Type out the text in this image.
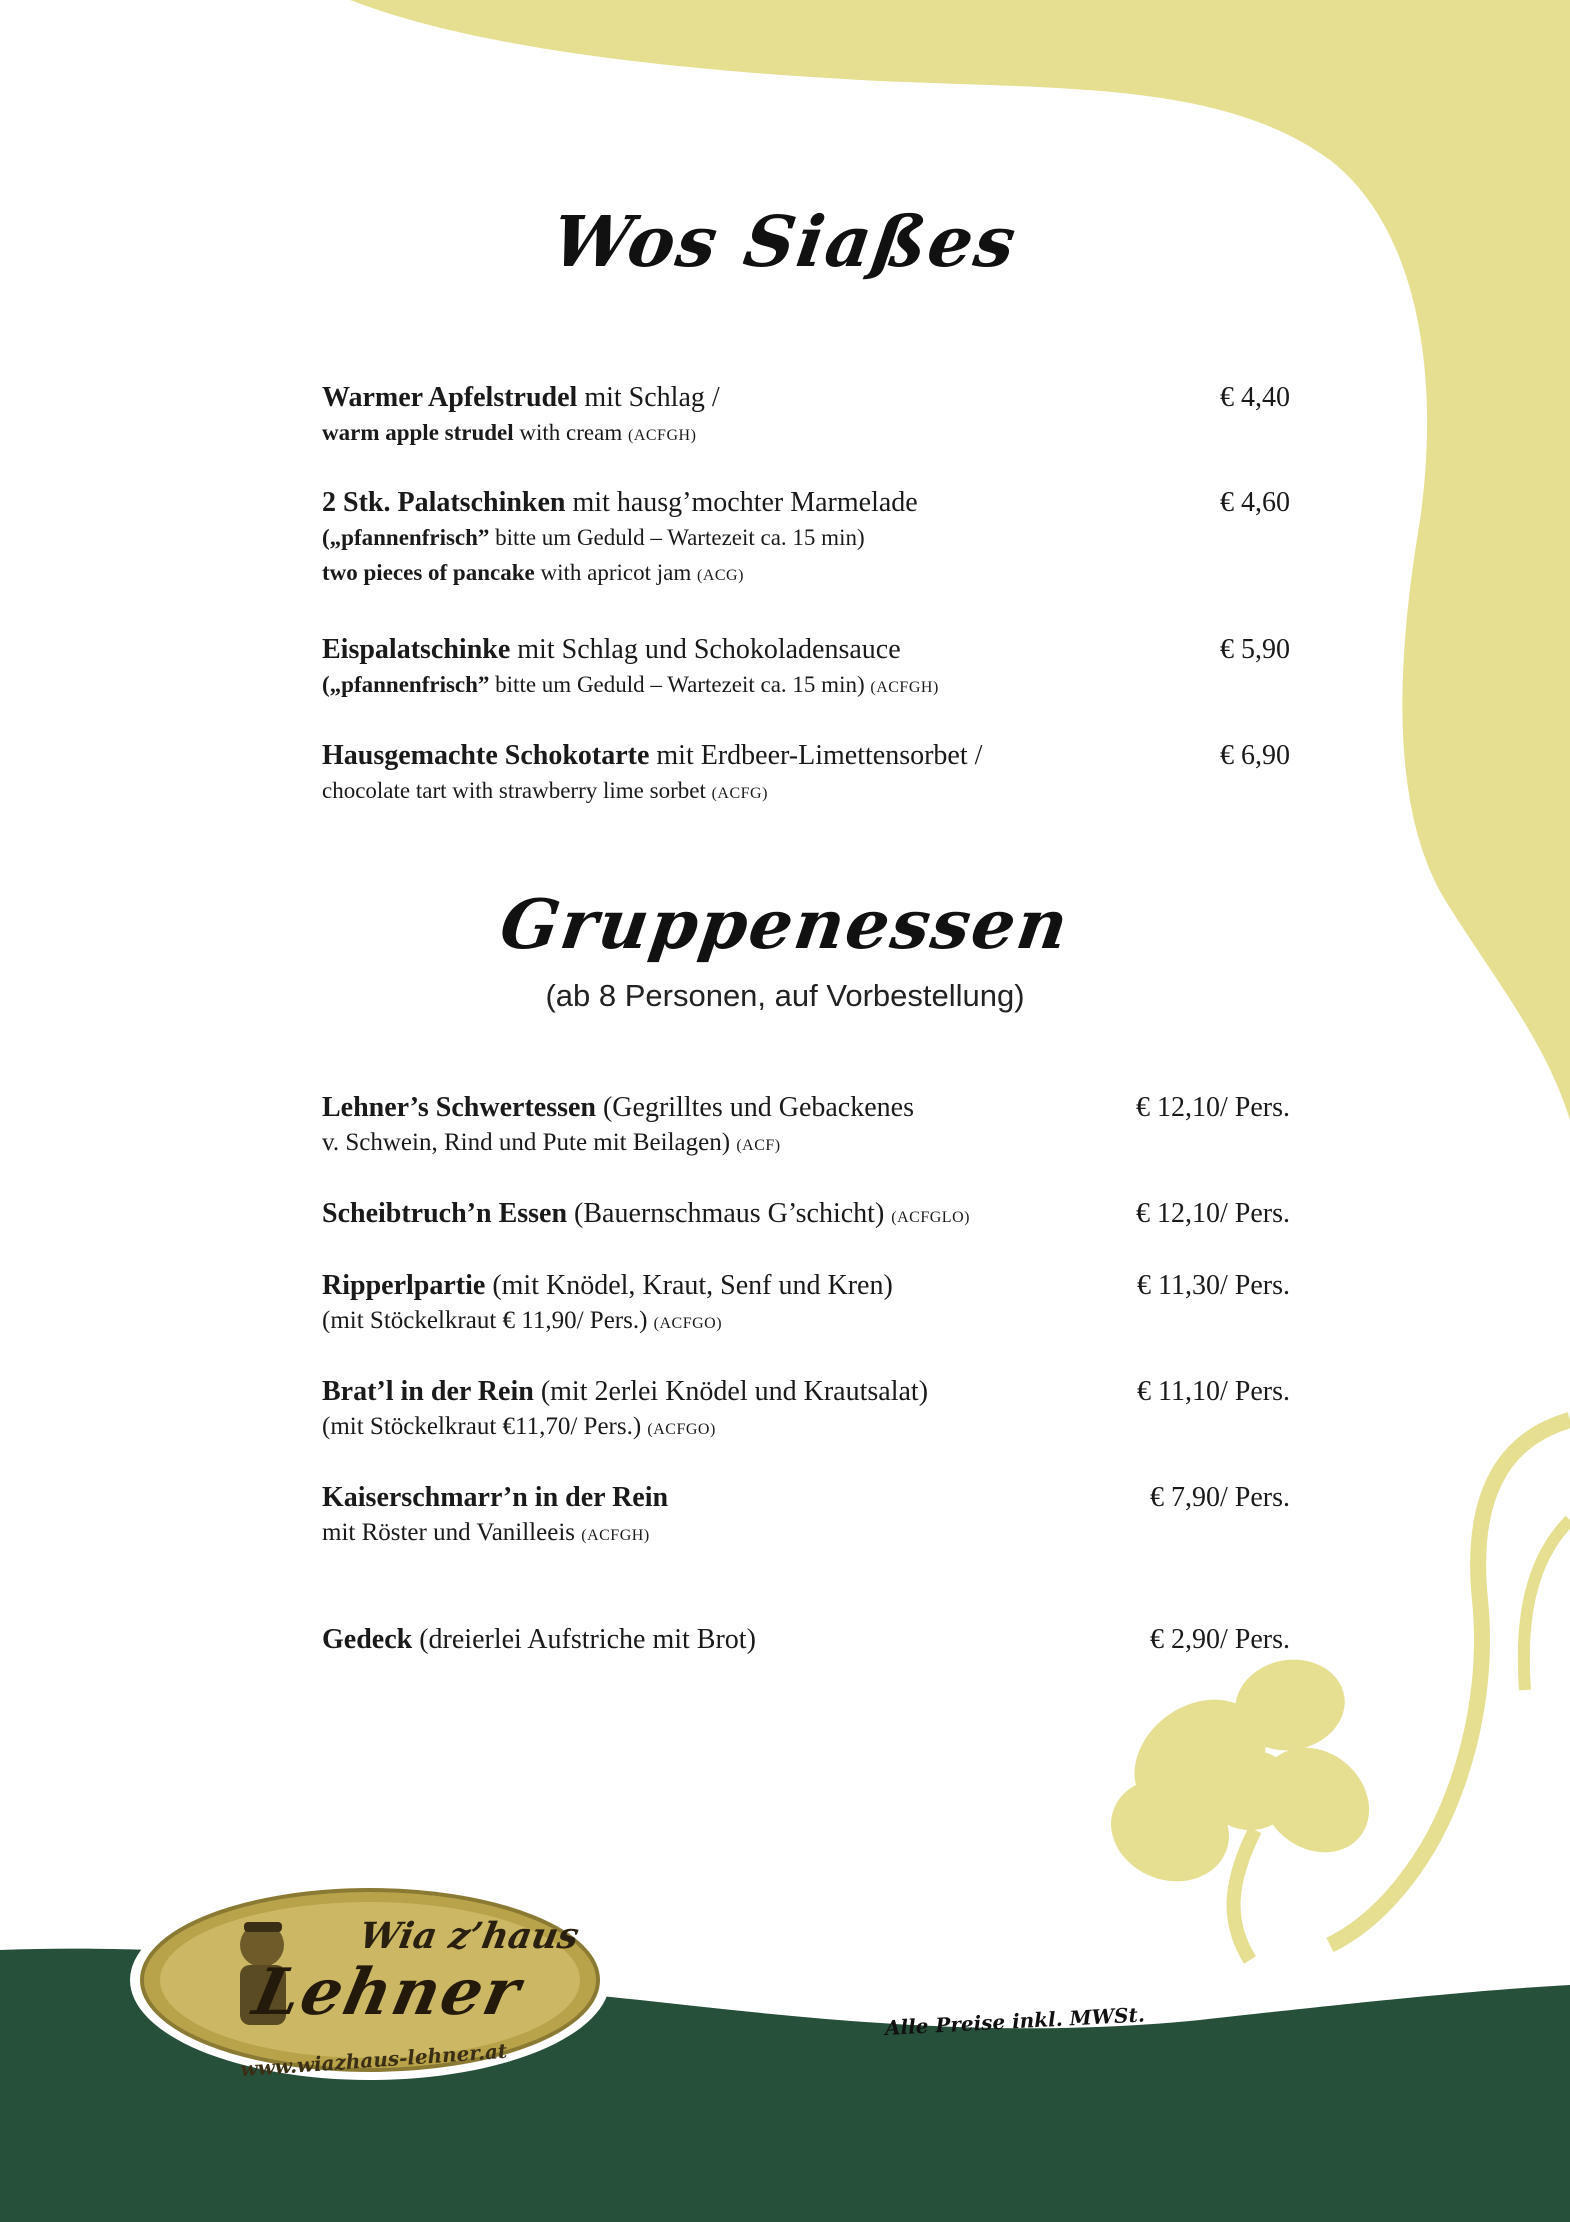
Wia z’haus
Lehner
www.wiazhaus-lehner.at
Wos Siaßes
Warmer Apfelstrudel mit Schlag /
warm apple strudel with cream (ACFGH)
€ 4,40
2 Stk. Palatschinken mit hausg’mochter Marmelade
(„pfannenfrisch” bitte um Geduld – Wartezeit ca. 15 min)
two pieces of pancake with apricot jam (ACG)
€ 4,60
Eispalatschinke mit Schlag und Schokoladensauce
(„pfannenfrisch” bitte um Geduld – Wartezeit ca. 15 min) (ACFGH)
€ 5,90
Hausgemachte Schokotarte mit Erdbeer-Limettensorbet /
chocolate tart with strawberry lime sorbet (ACFG)
€ 6,90
Gruppenessen
(ab 8 Personen, auf Vorbestellung)
Lehner’s Schwertessen (Gegrilltes und Gebackenes
v. Schwein, Rind und Pute mit Beilagen) (ACF)
€ 12,10/ Pers.
Scheibtruch’n Essen (Bauernschmaus G’schicht) (ACFGLO)	€ 12,10/ Pers.
Ripperlpartie (mit Knödel, Kraut, Senf und Kren)
(mit Stöckelkraut € 11,90/ Pers.) (ACFGO)
€ 11,30/ Pers.
Brat’l in der Rein (mit 2erlei Knödel und Krautsalat)
(mit Stöckelkraut €11,70/ Pers.) (ACFGO)
€ 11,10/ Pers.
Kaiserschmarr’n in der Rein
mit Röster und Vanilleeis (ACFGH)
€ 7,90/ Pers.
Gedeck (dreierlei Aufstriche mit Brot)	€ 2,90/ Pers.
Alle Preise inkl. MWSt.
